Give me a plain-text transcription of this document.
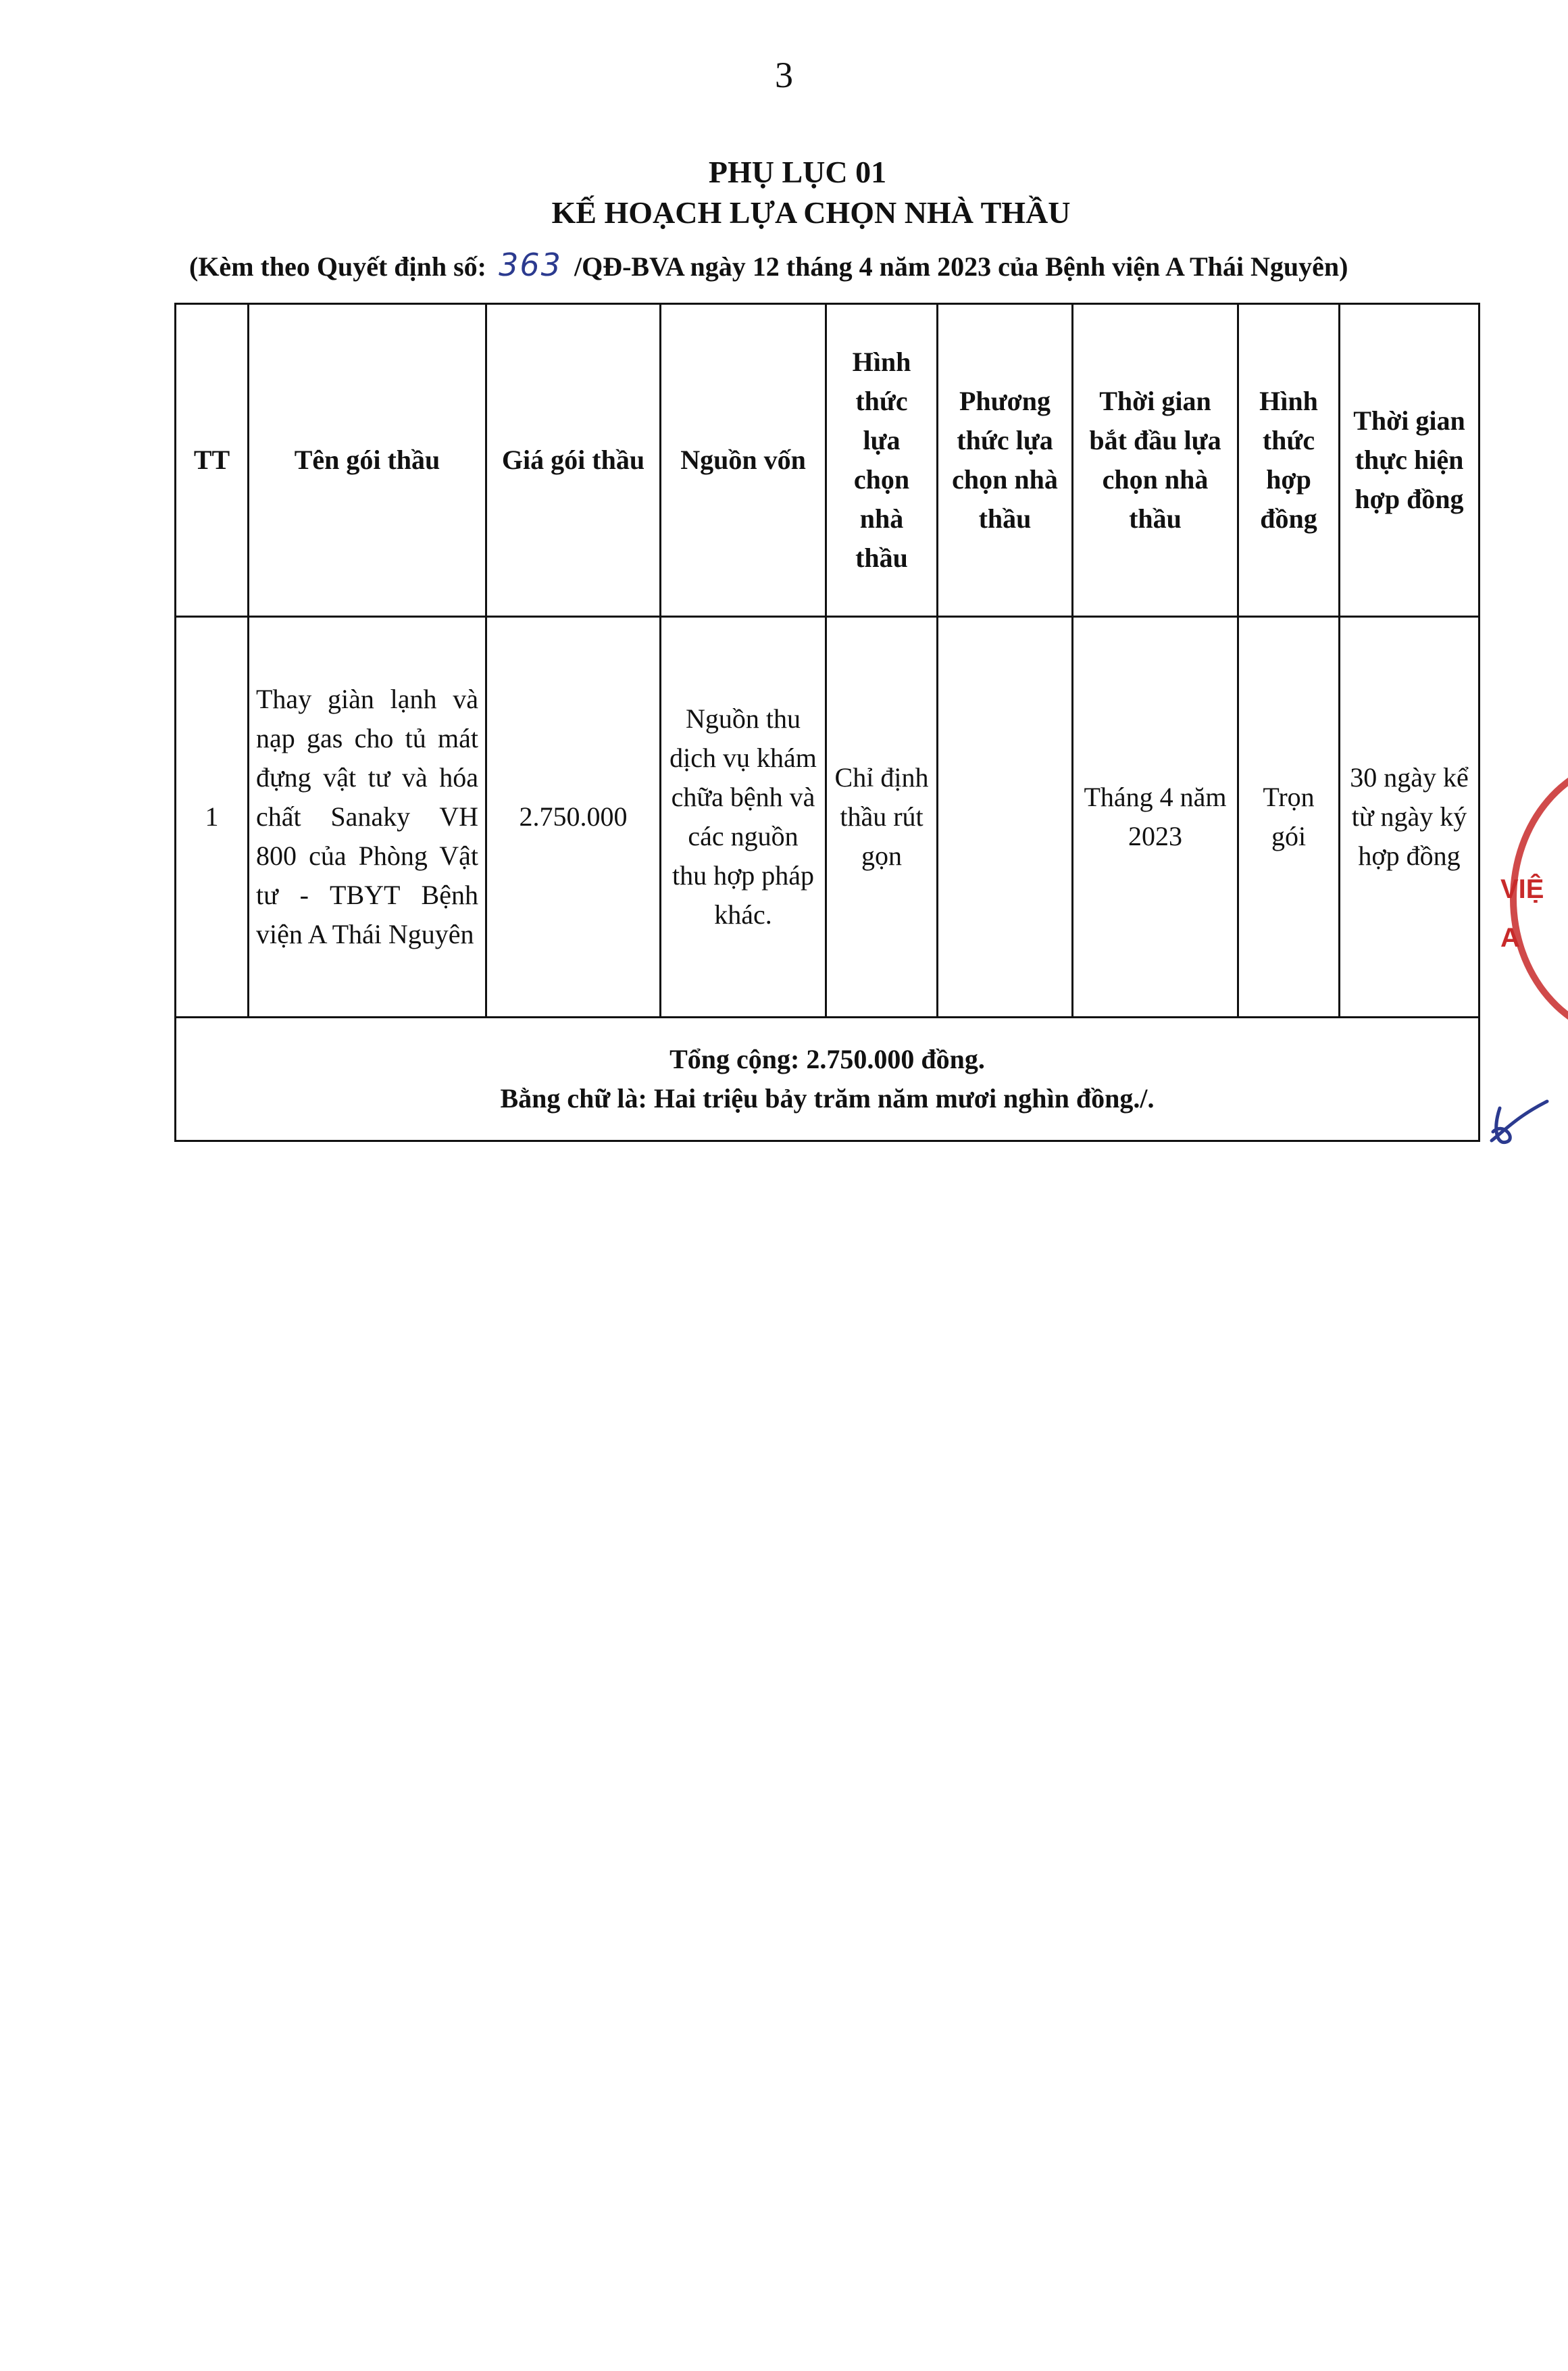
3
PHỤ LỤC 01
KẾ HOẠCH LỰA CHỌN NHÀ THẦU
(Kèm theo Quyết định số: 363 /QĐ-BVA ngày 12 tháng 4 năm 2023 của Bệnh viện A Thái Nguyên)
TT	Tên gói thầu	Giá gói thầu	Nguồn vốn	Hình thức lựa chọn nhà thầu	Phương thức lựa chọn nhà thầu	Thời gian bắt đầu lựa chọn nhà thầu	Hình thức hợp đồng	Thời gian thực hiện hợp đồng
1	Thay giàn lạnh và nạp gas cho tủ mát đựng vật tư và hóa chất Sanaky VH 800 của Phòng Vật tư - TBYT Bệnh viện A Thái Nguyên	2.750.000	Nguồn thu dịch vụ khám chữa bệnh và các nguồn thu hợp pháp khác.	Chỉ định thầu rút gọn		Tháng 4 năm 2023	Trọn gói	30 ngày kể từ ngày ký hợp đồng

Tổng cộng: 2.750.000 đồng.
Bằng chữ là: Hai triệu bảy trăm năm mươi nghìn đồng./.								
VIỆ
A
